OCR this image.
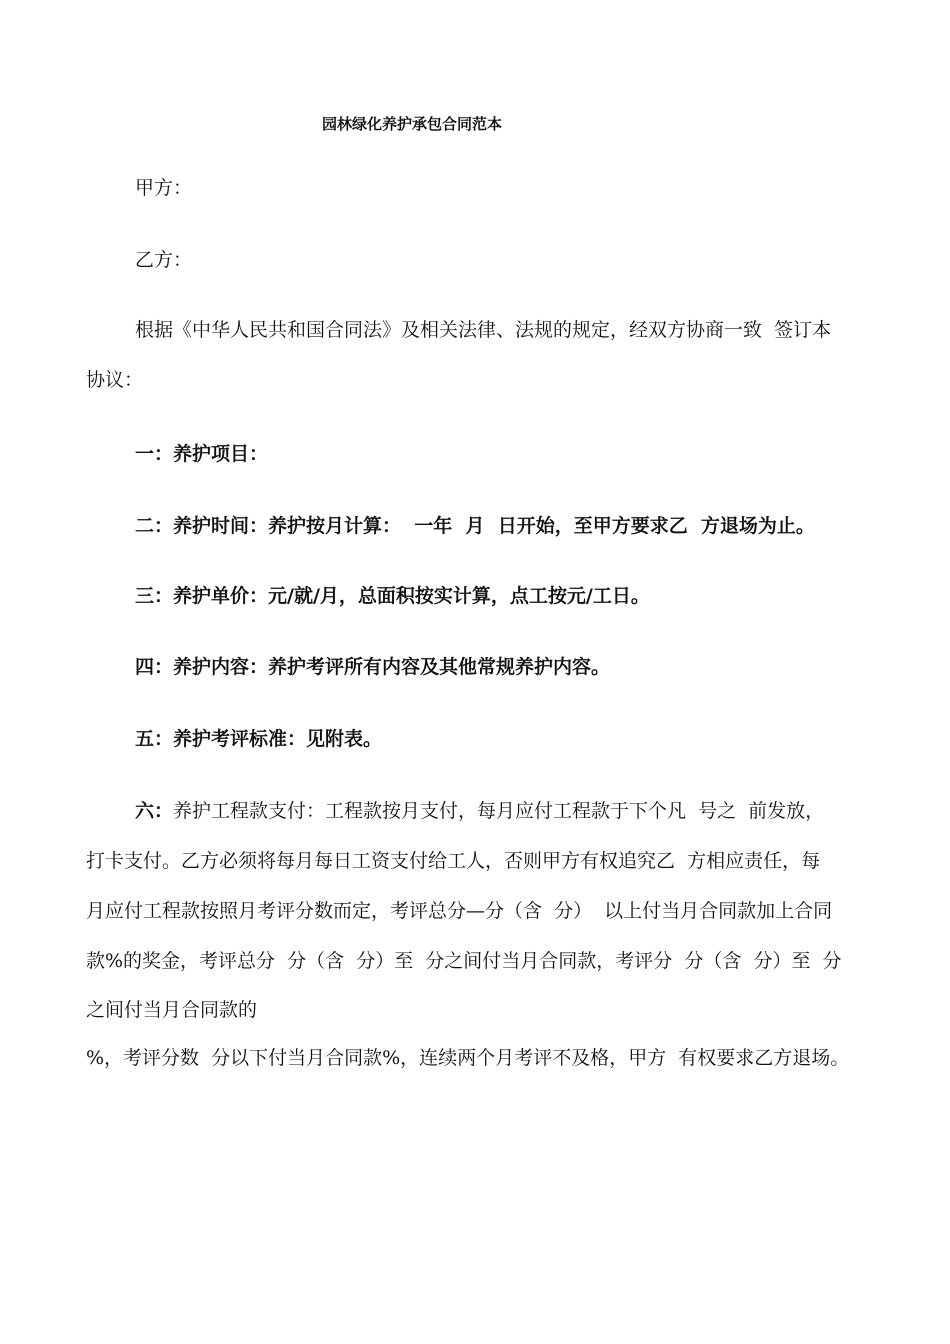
园林绿化养护承包合同范本
甲方：
乙方：
根据《中华人民共和国合同法》及相关法律、法规的规定，经双方协商一致  签订本
协议：
一：养护项目：
二：养护时间：养护按月计算：  一年  月  日开始，至甲方要求乙  方退场为止。
三：养护单价：元/就/月，总面积按实计算，点工按元/工日。
四：养护内容：养护考评所有内容及其他常规养护内容。
五：养护考评标准：见附表。
六：养护工程款支付：工程款按月支付，每月应付工程款于下个凡  号之  前发放，
打卡支付。乙方必须将每月每日工资支付给工人，否则甲方有权追究乙  方相应责任，每
月应付工程款按照月考评分数而定，考评总分—分（含  分）  以上付当月合同款加上合同
款%的奖金，考评总分  分（含  分）至  分之间付当月合同款，考评分  分（含  分）至  分
之间付当月合同款的
%，考评分数  分以下付当月合同款%，连续两个月考评不及格，甲方  有权要求乙方退场。
